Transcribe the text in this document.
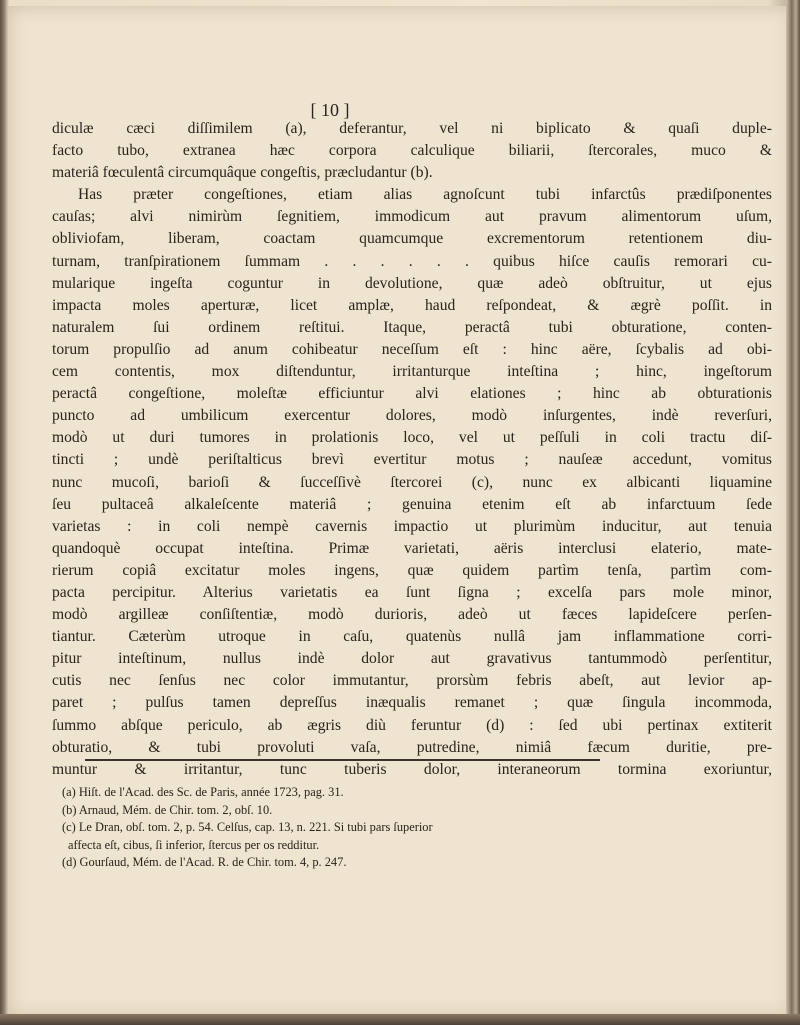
[ 10 ]
diculæ cæci diſſimilem (a), deferantur, vel ni biplicato & quaſi duple-
facto tubo, extranea hæc corpora calculique biliarii, ſtercorales, muco &
materiâ fœculentâ circumquâque congeſtis, præcludantur (b).
Has præter congeſtiones, etiam alias agnoſcunt tubi infarctûs prædiſponentes
cauſas; alvi nimirùm ſegnitiem, immodicum aut pravum alimentorum uſum,
obliviofam, liberam, coactam quamcumque excrementorum retentionem diu-
turnam, tranſpirationem ſummam . . . . . . quibus hiſce cauſis remorari cu-
mularique ingeſta coguntur in devolutione, quæ adeò obſtruitur, ut ejus
impacta moles aperturæ, licet amplæ, haud reſpondeat, & ægrè poſſit. in
naturalem ſui ordinem reſtitui. Itaque, peractâ tubi obturatione, conten-
torum propulſio ad anum cohibeatur neceſſum eſt : hinc aëre, ſcybalis ad obi-
cem contentis, mox diſtenduntur, irritanturque inteſtina ; hinc, ingeſtorum
peractâ congeſtione, moleſtæ efficiuntur alvi elationes ; hinc ab obturationis
puncto ad umbilicum exercentur dolores, modò inſurgentes, indè reverſuri,
modò ut duri tumores in prolationis loco, vel ut peſſuli in coli tractu diſ-
tincti ; undè periſtalticus brevì evertitur motus ; nauſeæ accedunt, vomitus
nunc mucoſi, barioſi & ſucceſſivè ſtercorei (c), nunc ex albicanti liquamine
ſeu pultaceâ alkaleſcente materiâ ; genuina etenim eſt ab infarctuum ſede
varietas : in coli nempè cavernis impactio ut plurimùm inducitur, aut tenuia
quandoquè occupat inteſtina. Primæ varietati, aëris interclusi elaterio, mate-
rierum copiâ excitatur moles ingens, quæ quidem partìm tenſa, partìm com-
pacta percipitur. Alterius varietatis ea ſunt ſigna ; excelſa pars mole minor,
modò argilleæ conſiſtentiæ, modò durioris, adeò ut fæces lapideſcere perſen-
tiantur. Cæterùm utroque in caſu, quatenùs nullâ jam inflammatione corri-
pitur inteſtinum, nullus indè dolor aut gravativus tantummodò perſentitur,
cutis nec ſenſus nec color immutantur, prorsùm febris abeſt, aut levior ap-
paret ; pulſus tamen depreſſus inæqualis remanet ; quæ ſingula incommoda,
ſummo abſque periculo, ab ægris diù feruntur (d) : ſed ubi pertinax extiterit
obturatio, & tubi provoluti vaſa, putredine, nimiâ fæcum duritie, pre-
muntur & irritantur, tunc tuberis dolor, interaneorum tormina exoriuntur,
(a) Hiſt. de l'Acad. des Sc. de Paris, année 1723, pag. 31.
(b) Arnaud, Mém. de Chir. tom. 2, obſ. 10.
(c) Le Dran, obſ. tom. 2, p. 54. Celſus, cap. 13, n. 221. Si tubi pars ſuperior
affecta eſt, cibus, ſi inferior, ſtercus per os redditur.
(d) Gourſaud, Mém. de l'Acad. R. de Chir. tom. 4, p. 247.
